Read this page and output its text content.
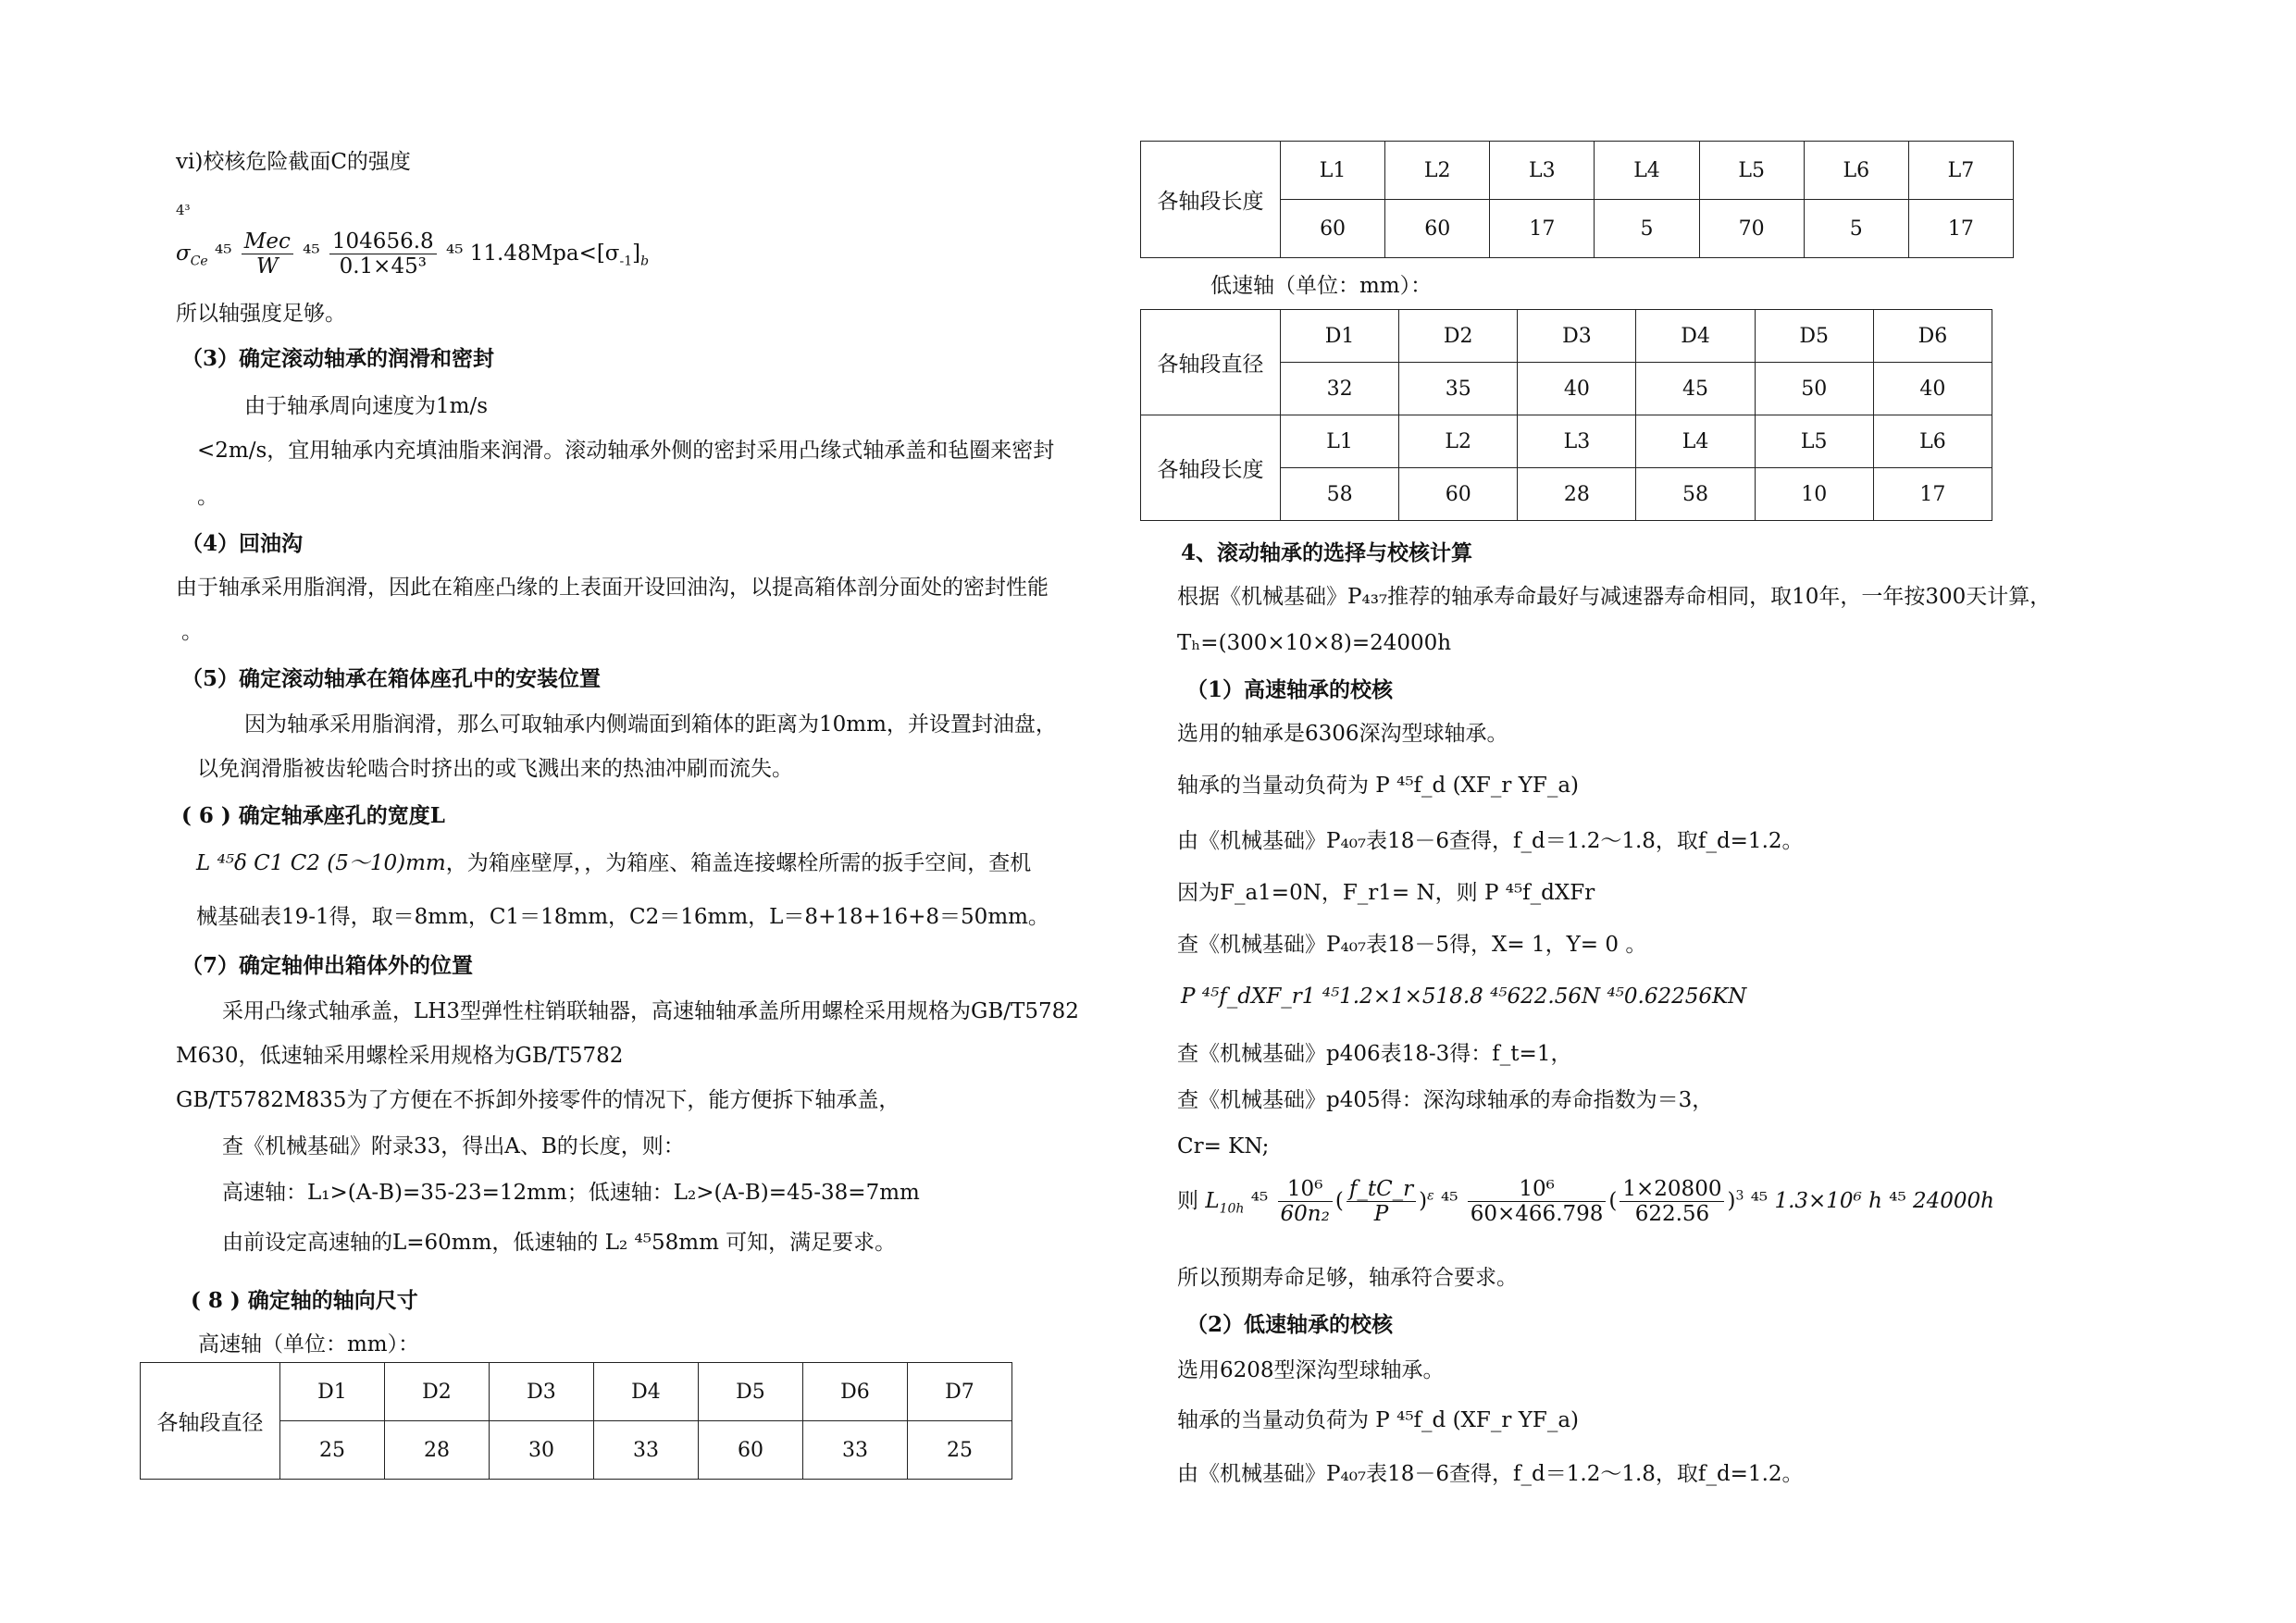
ⅵ)校核危险截面C的强度
4³
$\sigma_{Ce}$ $^{45} \frac{\text{Mec}}{W} ^{45} \frac{104656.8}{\text{0.1×45³}} ^{45}$ $11.48Mpa<[\sigma_{-1}]_b$
所以轴强度足够。
（3）确定滚动轴承的润滑和密封
由于轴承周向速度为1m/s
<2m/s，宜用轴承内充填油脂来润滑。滚动轴承外侧的密封采用凸缘式轴承盖和毡圈来密封
。
（4）回油沟
由于轴承采用脂润滑，因此在箱座凸缘的上表面开设回油沟，以提高箱体剖分面处的密封性能
。
（5）确定滚动轴承在箱体座孔中的安装位置
因为轴承采用脂润滑，那么可取轴承内侧端面到箱体的距离为10mm，并设置封油盘，
以免润滑脂被齿轮啮合时挤出的或飞溅出来的热油冲刷而流失。
( 6 ) 确定轴承座孔的宽度L
L ⁴⁵δ C1 C2 (5～10)mm，为箱座壁厚，，为箱座、箱盖连接螺栓所需的扳手空间，查机
械基础表19-1得，取＝8mm，C1＝18mm，C2＝16mm，L＝8+18+16+8＝50mm。
（7）确定轴伸出箱体外的位置
采用凸缘式轴承盖，LH3型弹性柱销联轴器，高速轴轴承盖所用螺栓采用规格为GB/T5782
M630，低速轴采用螺栓采用规格为GB/T5782
GB/T5782M835为了方便在不拆卸外接零件的情况下，能方便拆下轴承盖，
查《机械基础》附录33，得出A、B的长度，则：
高速轴：L₁>(A-B)=35-23=12mm；低速轴：L₂>(A-B)=45-38=7mm
由前设定高速轴的L=60mm，低速轴的 L₂ ⁴⁵58mm 可知，满足要求。
( 8 ) 确定轴的轴向尺寸
高速轴（单位：mm）：
各轴段直径	D1	D2	D3	D4	D5	D6	D7
	25	28	30	33	60	33	25
各轴段长度	L1	L2	L3	L4	L5	L6	L7
	60	60	17	5	70	5	17
低速轴（单位：mm）：
各轴段直径	D1	D2	D3	D4	D5	D6
	32	35	40	45	50	40
各轴段长度	L1	L2	L3	L4	L5	L6
	58	60	28	58	10	17
4、滚动轴承的选择与校核计算
根据《机械基础》P₄₃₇推荐的轴承寿命最好与减速器寿命相同，取10年，一年按300天计算，
Tₕ=(300×10×8)=24000h
（1）高速轴承的校核
选用的轴承是6306深沟型球轴承。
轴承的当量动负荷为 P ⁴⁵f_d (XF_r YF_a)
由《机械基础》P₄₀₇表18－6查得，f_d＝1.2～1.8，取f_d=1.2。
因为F_a1=0N，F_r1= N，则 P ⁴⁵f_dXFr
查《机械基础》P₄₀₇表18－5得，X= 1，Y= 0 。
P ⁴⁵f_dXF_r1 ⁴⁵1.2×1×518.8 ⁴⁵622.56N ⁴⁵0.62256KN
查《机械基础》p406表18-3得：f_t=1，
查《机械基础》p405得：深沟球轴承的寿命指数为＝3，
Cr= KN;
则 $L_{10h}$ $^{45} \frac{\text{10⁶}}{\text{60n₂}}$ ( $\frac{f\_tC\_r}{P} )^\varepsilon$ $^{45} \frac{\text{10⁶}}{60\times 466.798}$ ( $\frac{1\times 20800}{622.56} )^3$ ⁴⁵ 1.3×10⁶ h ⁴⁵ 24000h
所以预期寿命足够，轴承符合要求。
（2）低速轴承的校核
选用6208型深沟型球轴承。
轴承的当量动负荷为 P ⁴⁵f_d (XF_r YF_a)
由《机械基础》P₄₀₇表18－6查得，f_d＝1.2～1.8，取f_d=1.2。
